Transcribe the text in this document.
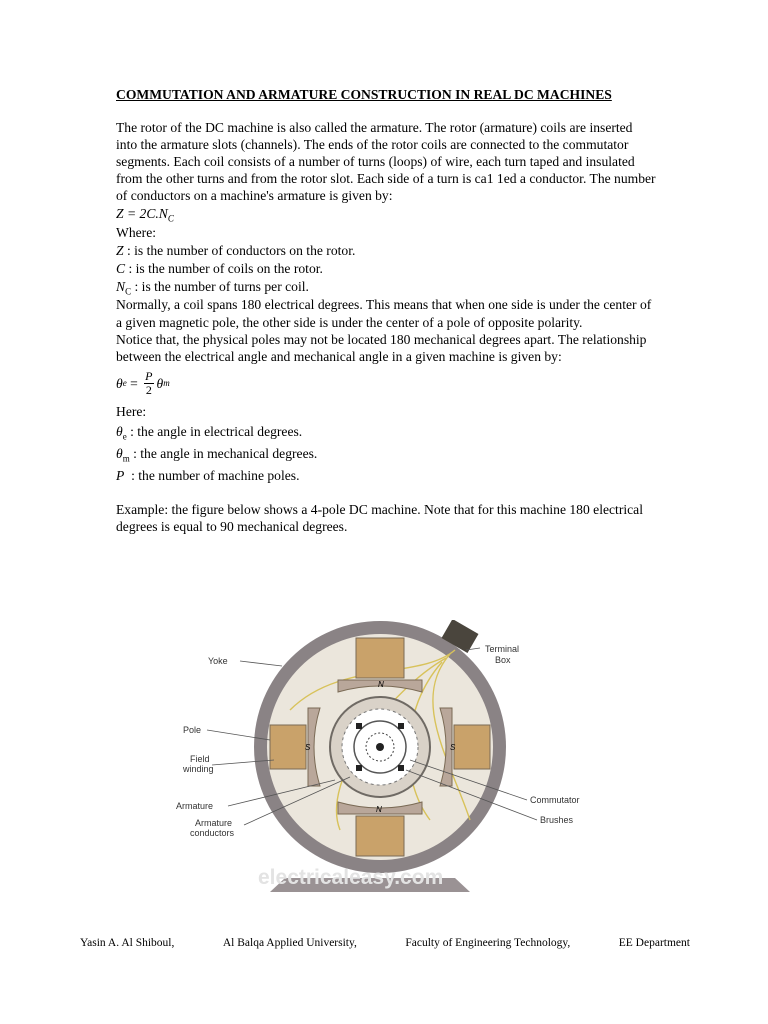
COMMUTATION AND ARMATURE CONSTRUCTION IN REAL DC MACHINES

The rotor of the DC machine is also called the armature. The rotor (armature) coils are inserted into the armature slots (channels). The ends of the rotor coils are connected to the commutator segments. Each coil consists of a number of turns (loops) of wire, each turn taped and insulated from the other turns and from the rotor slot. Each side of a turn is ca1 1ed a conductor. The number of conductors on a machine's armature is given by:

$Z = 2C.N_C$

Where:

Z : is the number of conductors on the rotor.

C : is the number of coils on the rotor.

$N_C$ : is the number of turns per coil.

Normally, a coil spans 180 electrical degrees. This means that when one side is under the center of a given magnetic pole, the other side is under the center of a pole of opposite polarity.

Notice that, the physical poles may not be located 180 mechanical degrees apart. The relationship between the electrical angle and mechanical angle in a given machine is given by:

θ $e = \frac{P}{2}$ θ m

Here:

$\theta_e$ : the angle in electrical degrees.

$\theta_m$ : the angle in mechanical degrees.

P  : the number of machine poles.

Example: the figure below shows a 4-pole DC machine. Note that for this machine 180 electrical degrees is equal to 90 mechanical degrees.

N
N
S	S
Yoke
Terminal
Box
Pole
Field
winding
Armature
Armature
conductors
Commutator
Brushes
electricaleasy.com
Yasin A. Al Shiboul,	Al Balqa Applied University,	Faculty of Engineering Technology,	EE Department
